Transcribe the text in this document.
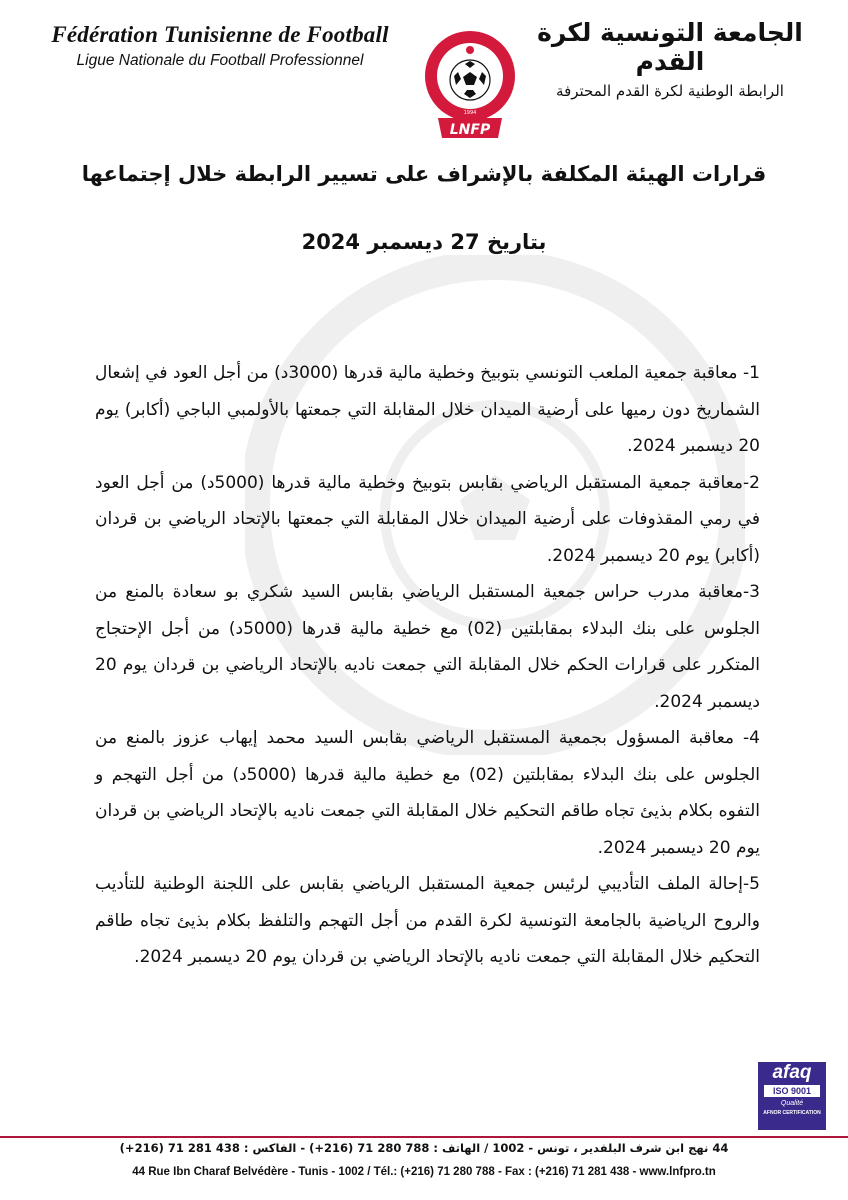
Fédération Tunisienne de Football
Ligue Nationale du Football Professionnel
الجامعة التونسية لكرة القدم
الرابطة الوطنية لكرة القدم المحترفة
1994
LNFP
قرارات الهيئة المكلفة بالإشراف على تسيير الرابطة خلال إجتماعها
بتاريخ 27 ديسمبر 2024

1- معاقبة جمعية الملعب التونسي بتوبيخ وخطية مالية قدرها (3000د) من أجل العود في إشعال الشماريخ دون رميها على أرضية الميدان خلال المقابلة التي جمعتها بالأولمبي الباجي (أكابر) يوم 20 ديسمبر 2024.

2-معاقبة جمعية المستقبل الرياضي بقابس بتوبيخ وخطية مالية قدرها (5000د) من أجل العود في رمي المقذوفات على أرضية الميدان خلال المقابلة التي جمعتها بالإتحاد الرياضي بن قردان (أكابر) يوم 20 ديسمبر 2024.

3-معاقبة مدرب حراس جمعية المستقبل الرياضي بقابس السيد شكري بو سعادة بالمنع من الجلوس على بنك البدلاء بمقابلتين (02) مع خطية مالية قدرها (5000د) من أجل الإحتجاج المتكرر على قرارات الحكم خلال المقابلة التي جمعت ناديه بالإتحاد الرياضي بن قردان يوم 20 ديسمبر 2024.

4- معاقبة المسؤول بجمعية المستقبل الرياضي بقابس السيد محمد إيهاب عزوز بالمنع من الجلوس على بنك البدلاء بمقابلتين (02) مع خطية مالية قدرها (5000د) من أجل التهجم و التفوه بكلام بذيئ تجاه طاقم التحكيم خلال المقابلة التي جمعت ناديه بالإتحاد الرياضي بن قردان يوم 20 ديسمبر 2024.

5-إحالة الملف التأديبي لرئيس جمعية المستقبل الرياضي بقابس على اللجنة الوطنية للتأديب والروح الرياضية بالجامعة التونسية لكرة القدم من أجل التهجم والتلفظ بكلام بذيئ تجاه طاقم التحكيم خلال المقابلة التي جمعت ناديه بالإتحاد الرياضي بن قردان يوم 20 ديسمبر 2024.

afaq
ISO 9001
Qualité
AFNOR CERTIFICATION
44 نهج ابن شرف البلفدير ، تونس - 1002 / الهاتف : 788 280 71 (216+) - الفاكس : 438 281 71 (216+)
44 Rue Ibn Charaf Belvédère - Tunis - 1002 / Tél.: (+216) 71 280 788 - Fax : (+216) 71 281 438 - www.lnfpro.tn
